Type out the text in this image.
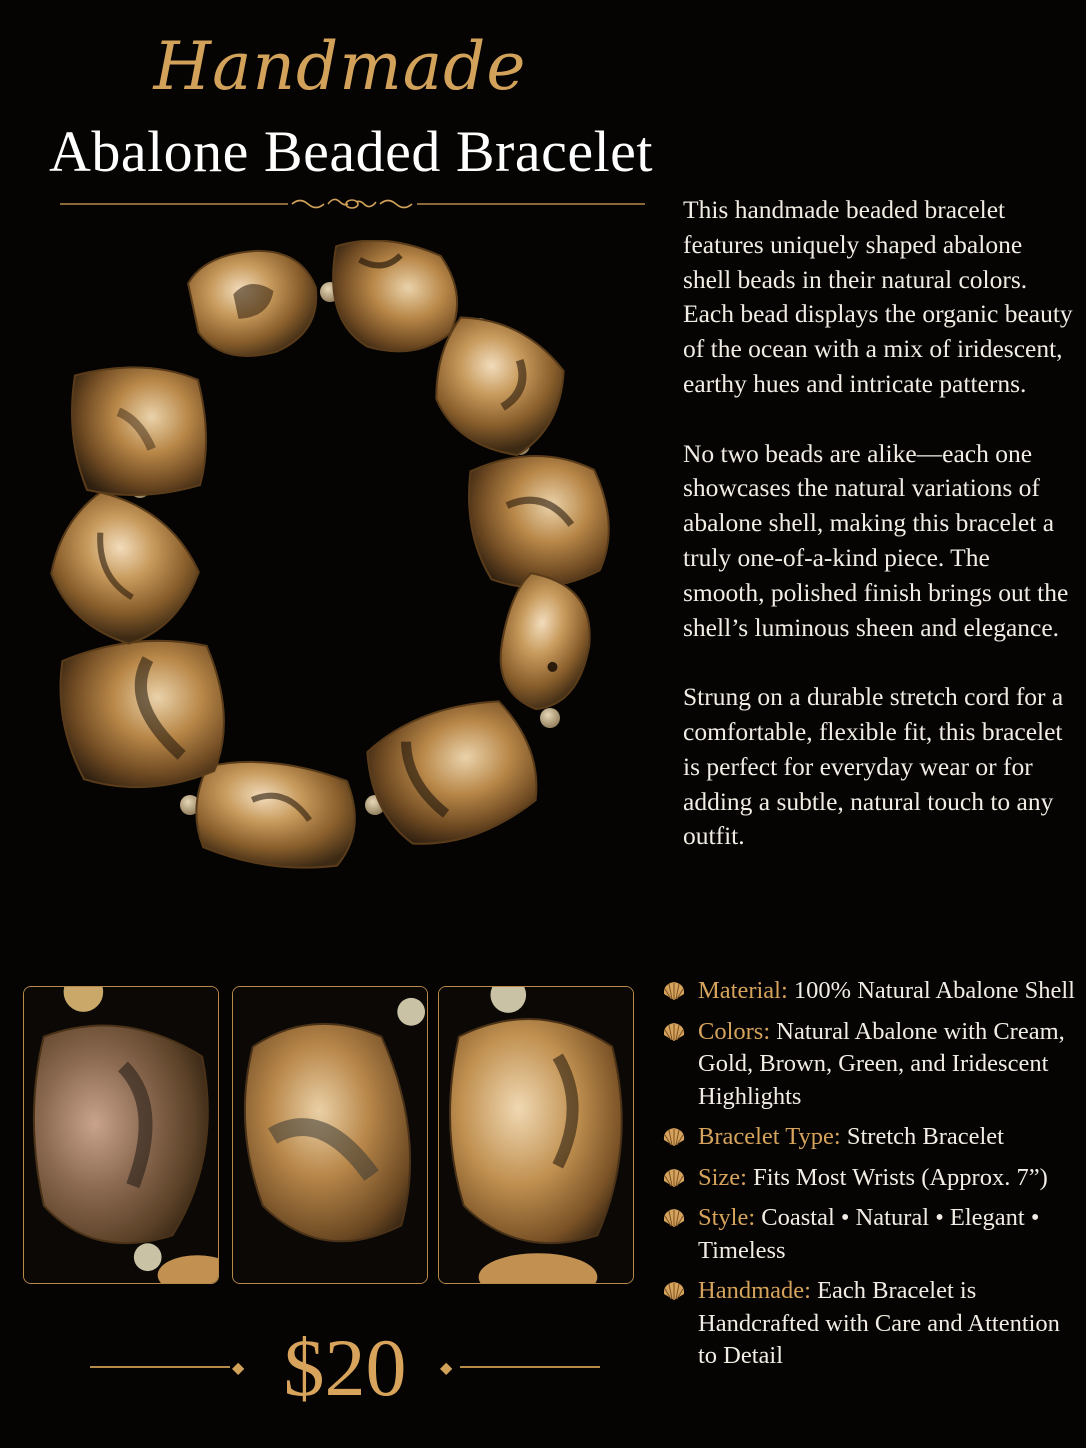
Handmade
Abalone Beaded Bracelet

This handmade beaded bracelet features uniquely shaped abalone shell beads in their natural colors. Each bead displays the organic beauty of the ocean with a mix of iridescent, earthy hues and intricate patterns.

No two beads are alike—each one showcases the natural variations of abalone shell, making this bracelet a truly one-of-a-kind piece. The smooth, polished finish brings out the shell’s luminous sheen and elegance.

Strung on a durable stretch cord for a comfortable, flexible fit, this bracelet is perfect for everyday wear or for adding a subtle, natural touch to any outfit.

Material: 100% Natural Abalone Shell
Colors: Natural Abalone with Cream, Gold, Brown, Green, and Iridescent Highlights
Bracelet Type: Stretch Bracelet
Size: Fits Most Wrists (Approx. 7”)
Style: Coastal • Natural • Elegant • Timeless
Handmade: Each Bracelet is Handcrafted with Care and Attention to Detail
◆ $20	◆
